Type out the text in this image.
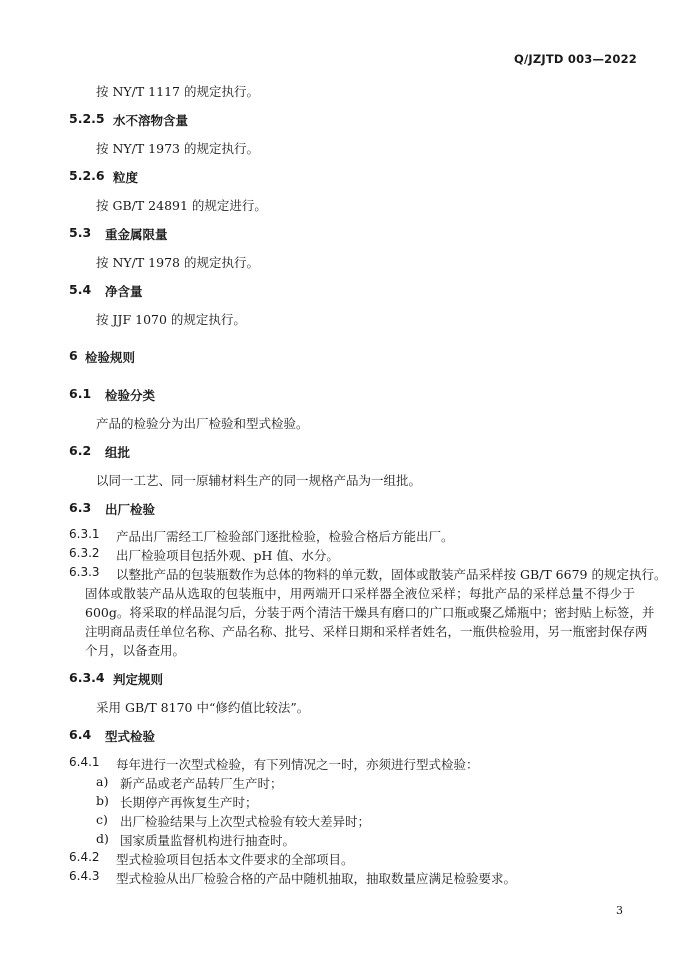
Q/JZJTD 003—2022
按 NY/T 1117 的规定执行。
5.2.5 水不溶物含量
按 NY/T 1973 的规定执行。
5.2.6 粒度
按 GB/T 24891 的规定进行。
5.3 重金属限量
按 NY/T 1978 的规定执行。
5.4 净含量
按 JJF 1070 的规定执行。
6 检验规则
6.1 检验分类
产品的检验分为出厂检验和型式检验。
6.2 组批
以同一工艺、同一原辅材料生产的同一规格产品为一组批。
6.3 出厂检验
6.3.1 产品出厂需经工厂检验部门逐批检验，检验合格后方能出厂。
6.3.2 出厂检验项目包括外观、pH 值、水分。
6.3.3 以整批产品的包装瓶数作为总体的物料的单元数，固体或散装产品采样按 GB/T 6679 的规定执行。
固体或散装产品从选取的包装瓶中，用两端开口采样器全液位采样；每批产品的采样总量不得少于
600g。将采取的样品混匀后，分装于两个清洁干燥具有磨口的广口瓶或聚乙烯瓶中；密封贴上标签，并
注明商品责任单位名称、产品名称、批号、采样日期和采样者姓名，一瓶供检验用，另一瓶密封保存两
个月，以备查用。
6.3.4 判定规则
采用 GB/T 8170 中“修约值比较法”。
6.4 型式检验
6.4.1 每年进行一次型式检验，有下列情况之一时，亦须进行型式检验：
a) 新产品或老产品转厂生产时；
b) 长期停产再恢复生产时；
c) 出厂检验结果与上次型式检验有较大差异时；
d) 国家质量监督机构进行抽查时。
6.4.2 型式检验项目包括本文件要求的全部项目。
6.4.3 型式检验从出厂检验合格的产品中随机抽取，抽取数量应满足检验要求。
3
